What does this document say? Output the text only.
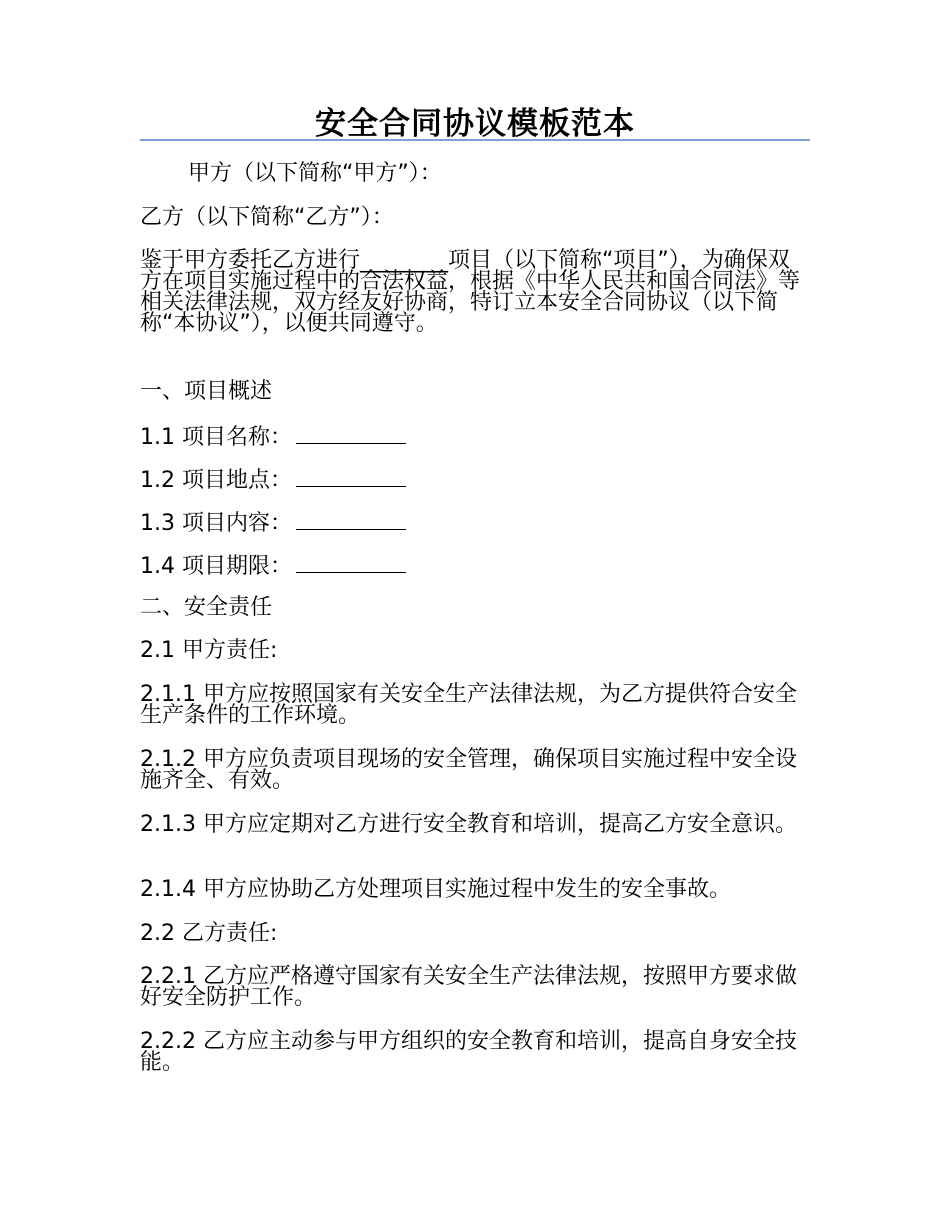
安全合同协议模板范本

甲方（以下简称“甲方”）：

乙方（以下简称“乙方”）：

鉴于甲方委托乙方进行________项目（以下简称“项目”），为确保双方在项目实施过程中的合法权益，根据《中华人民共和国合同法》等相关法律法规，双方经友好协商，特订立本安全合同协议（以下简称“本协议”），以便共同遵守。

一、项目概述

1.1 项目名称：

1.2 项目地点：

1.3 项目内容：

1.4 项目期限：

二、安全责任

2.1 甲方责任:

2.1.1 甲方应按照国家有关安全生产法律法规，为乙方提供符合安全生产条件的工作环境。

2.1.2 甲方应负责项目现场的安全管理，确保项目实施过程中安全设施齐全、有效。

2.1.3 甲方应定期对乙方进行安全教育和培训，提高乙方安全意识。

2.1.4 甲方应协助乙方处理项目实施过程中发生的安全事故。

2.2 乙方责任:

2.2.1 乙方应严格遵守国家有关安全生产法律法规，按照甲方要求做好安全防护工作。

2.2.2 乙方应主动参与甲方组织的安全教育和培训，提高自身安全技能。
